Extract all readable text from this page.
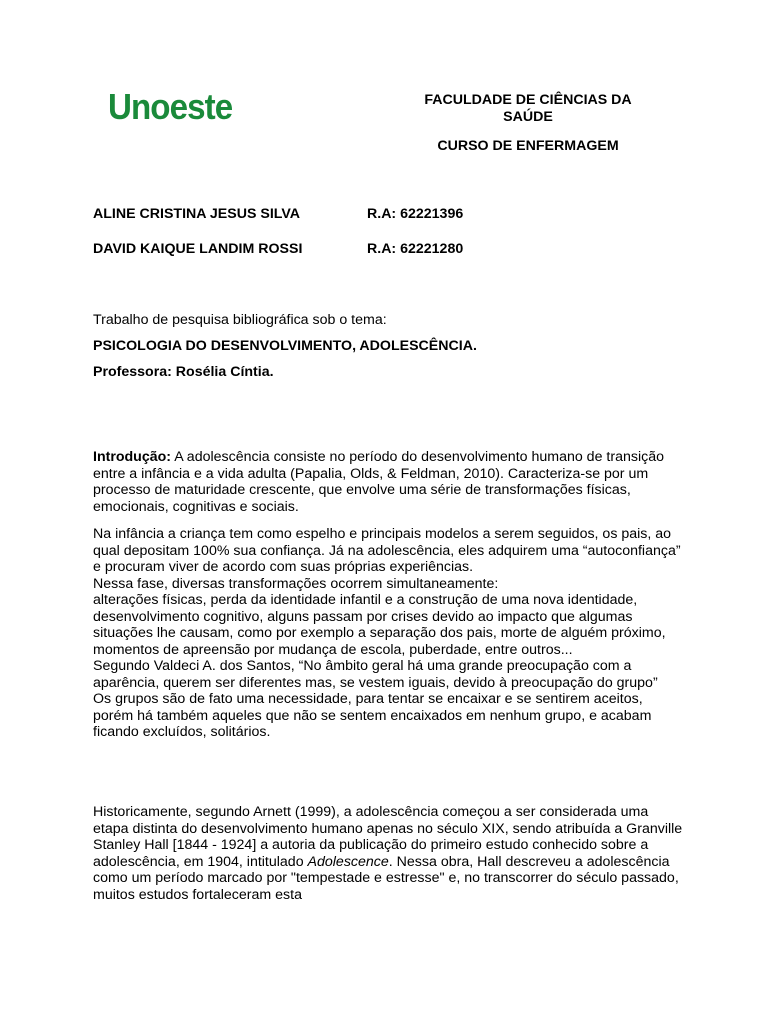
Unoeste	FACULDADE DE CIÊNCIAS DA SAÚDE
CURSO DE ENFERMAGEM
ALINE CRISTINA JESUS SILVA	R.A: 62221396
DAVID KAIQUE LANDIM ROSSI	R.A: 62221280
Trabalho de pesquisa bibliográfica sob o tema:
PSICOLOGIA DO DESENVOLVIMENTO, ADOLESCÊNCIA.
Professora: Rosélia Cíntia.

Introdução: A adolescência consiste no período do desenvolvimento humano de transição entre a infância e a vida adulta (Papalia, Olds, & Feldman, 2010). Caracteriza-se por um processo de maturidade crescente, que envolve uma série de transformações físicas, emocionais, cognitivas e sociais.

Na infância a criança tem como espelho e principais modelos a serem seguidos, os pais, ao qual depositam 100% sua confiança. Já na adolescência, eles adquirem uma “autoconfiança” e procuram viver de acordo com suas próprias experiências.

Nessa fase, diversas transformações ocorrem simultaneamente:

alterações físicas, perda da identidade infantil e a construção de uma nova identidade, desenvolvimento cognitivo, alguns passam por crises devido ao impacto que algumas situações lhe causam, como por exemplo a separação dos pais, morte de alguém próximo, momentos de apreensão por mudança de escola, puberdade, entre outros...

Segundo Valdeci A. dos Santos, “No âmbito geral há uma grande preocupação com a aparência, querem ser diferentes mas, se vestem iguais, devido à preocupação do grupo”

Os grupos são de fato uma necessidade, para tentar se encaixar e se sentirem aceitos, porém há também aqueles que não se sentem encaixados em nenhum grupo, e acabam ficando excluídos, solitários.

Historicamente, segundo Arnett (1999), a adolescência começou a ser considerada uma etapa distinta do desenvolvimento humano apenas no século XIX, sendo atribuída a Granville Stanley Hall [1844 - 1924] a autoria da publicação do primeiro estudo conhecido sobre a adolescência, em 1904, intitulado Adolescence. Nessa obra, Hall descreveu a adolescência como um período marcado por "tempestade e estresse" e, no transcorrer do século passado, muitos estudos fortaleceram esta
